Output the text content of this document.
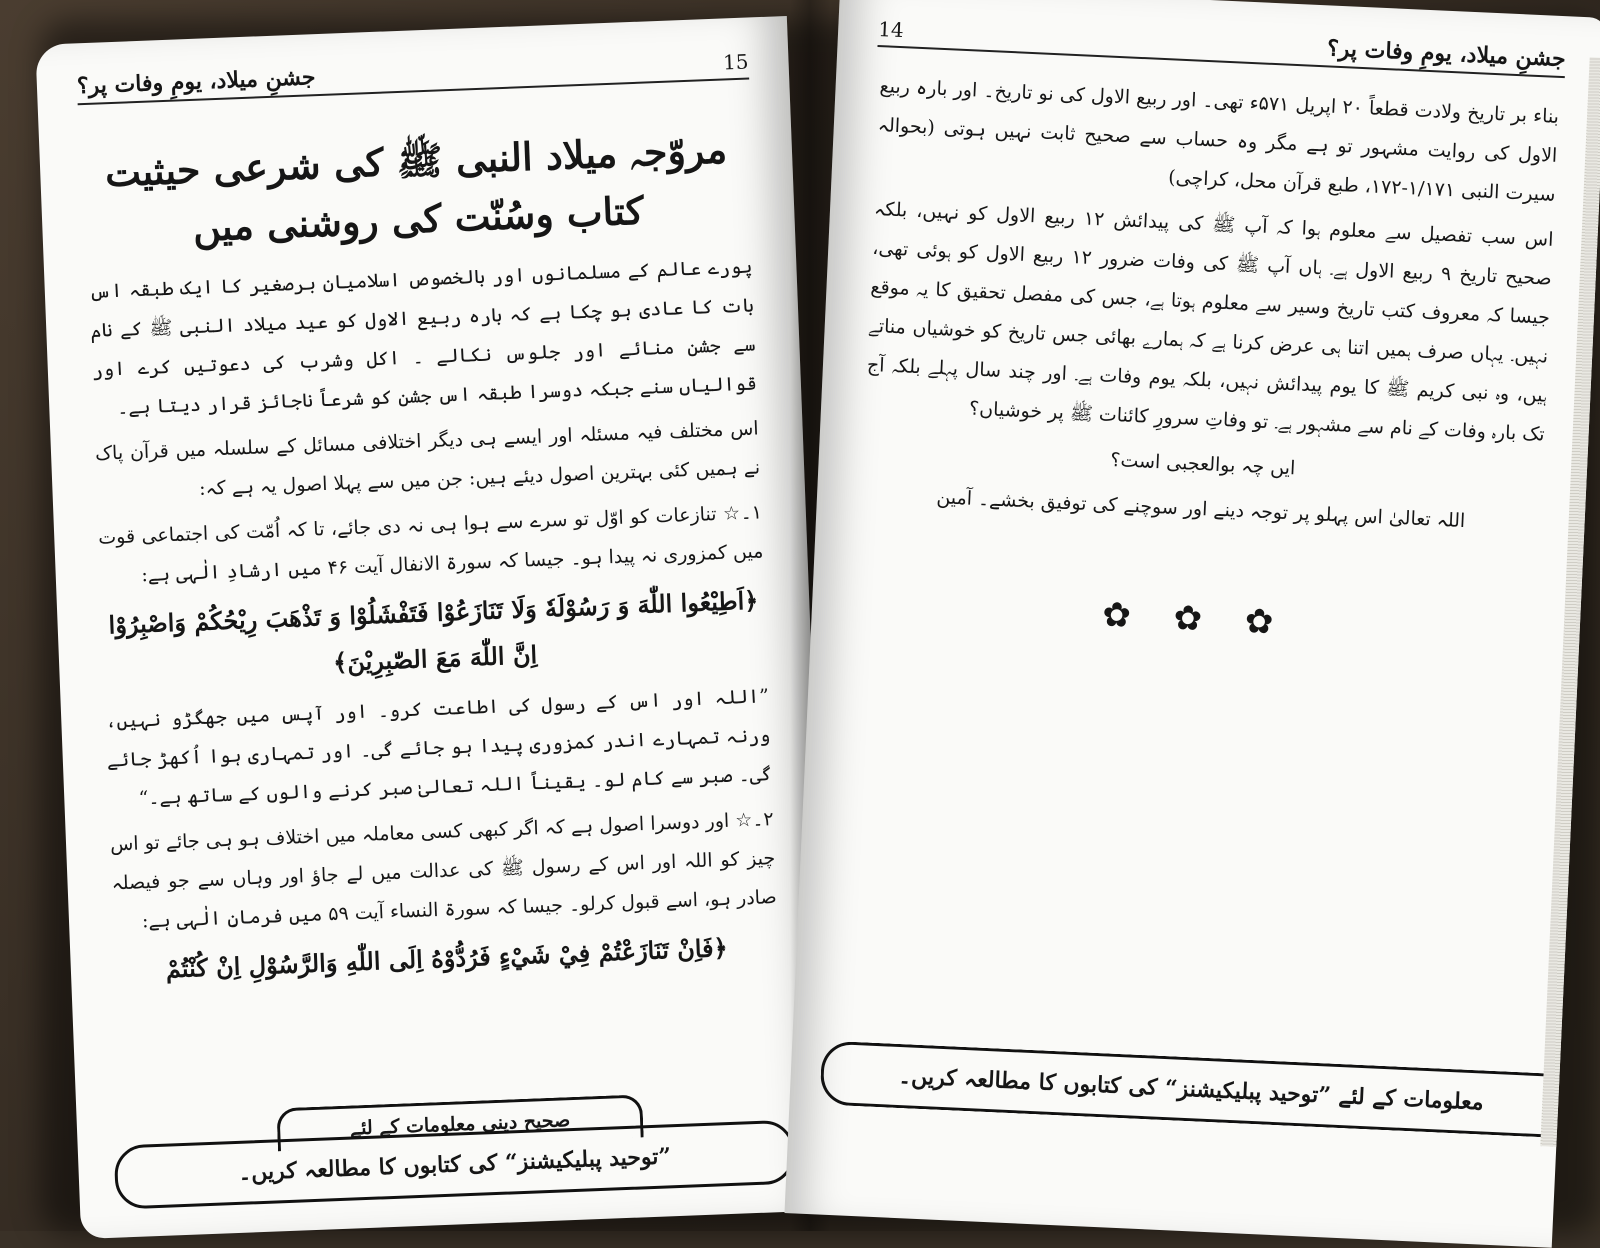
15
جشنِ میلاد، یومِ وفات پر؟
مروّجہ میلاد النبی ﷺ کی شرعی حیثیت
کتاب وسُنّت کی روشنی میں

پورے عالم کے مسلمانوں اور بالخصوص اسلامیان برصغیر کا ایک طبقہ اس بات کا عادی ہو چکا ہے کہ بارہ ربیع الاول کو عید میلاد النبی ﷺ کے نام سے جشن منائے اور جلوس نکالے ۔ اکل وشرب کی دعوتیں کرے اور قوالیاں سنے جبکہ دوسرا طبقہ اس جشن کو شرعاً ناجائز قرار دیتا ہے۔

اس مختلف فیہ مسئلہ اور ایسے ہی دیگر اختلافی مسائل کے سلسلہ میں قرآن پاک نے ہمیں کئی بہترین اصول دیئے ہیں: جن میں سے پہلا اصول یہ ہے کہ:

۱۔☆ تنازعات کو اوّل تو سرے سے ہوا ہی نہ دی جائے، تا کہ اُمّت کی اجتماعی قوت میں کمزوری نہ پیدا ہو۔ جیسا کہ سورۃ الانفال آیت ۴۶ میں ارشادِ الٰہی ہے:

﴿اَطِيْعُوا اللّٰهَ وَ رَسُوْلَهٗ وَلَا تَنَازَعُوْا فَتَفْشَلُوْا وَ تَذْهَبَ رِيْحُكُمْ وَاصْبِرُوْا اِنَّ اللّٰهَ مَعَ الصّٰبِرِيْنَ﴾

”اللہ اور اس کے رسول کی اطاعت کرو۔ اور آپس میں جھگڑو نہیں، ورنہ تمہارے اندر کمزوری پیدا ہو جائے گی۔ اور تمہاری ہوا اُکھڑ جائے گی۔ صبر سے کام لو۔ یقیناً اللہ تعالیٰ صبر کرنے والوں کے ساتھ ہے۔“

۲۔☆ اور دوسرا اصول ہے کہ اگر کبھی کسی معاملہ میں اختلاف ہو ہی جائے تو اس چیز کو اللہ اور اس کے رسول ﷺ کی عدالت میں لے جاؤ اور وہاں سے جو فیصلہ صادر ہو، اسے قبول کرلو۔ جیسا کہ سورۃ النساء آیت ۵۹ میں فرمانِ الٰہی ہے:

﴿فَاِنْ تَنَازَعْتُمْ فِيْ شَيْءٍ فَرُدُّوْهُ اِلَى اللّٰهِ وَالرَّسُوْلِ اِنْ كُنْتُمْ

صحیح دینی معلومات کے لئے
”توحید پبلیکیشنز“ کی کتابوں کا مطالعہ کریں۔
جشنِ میلاد، یومِ وفات پر؟
14

بناء بر تاریخ ولادت قطعاً ۲۰ اپریل ۵۷۱ء تھی۔ اور ربیع الاول کی نو تاریخ۔ اور بارہ ربیع الاول کی روایت مشہور تو ہے مگر وہ حساب سے صحیح ثابت نہیں ہوتی (بحوالہ سیرت النبی ۱/۱۷۱-۱۷۲، طبع قرآن محل، کراچی)

اس سب تفصیل سے معلوم ہوا کہ آپ ﷺ کی پیدائش ۱۲ ربیع الاول کو نہیں، بلکہ صحیح تاریخ ۹ ربیع الاول ہے۔ ہاں آپ ﷺ کی وفات ضرور ۱۲ ربیع الاول کو ہوئی تھی، جیسا کہ معروف کتب تاریخ وسیر سے معلوم ہوتا ہے، جس کی مفصل تحقیق کا یہ موقع نہیں۔ یہاں صرف ہمیں اتنا ہی عرض کرنا ہے کہ ہمارے بھائی جس تاریخ کو خوشیاں مناتے ہیں، وہ نبی کریم ﷺ کا یوم پیدائش نہیں، بلکہ یوم وفات ہے۔ اور چند سال پہلے بلکہ آج تک بارہ وفات کے نام سے مشہور ہے۔ تو وفاتِ سرورِ کائنات ﷺ پر خوشیاں؟

ایں چہ بوالعجبی است؟

اللہ تعالیٰ اس پہلو پر توجہ دینے اور سوچنے کی توفیق بخشے۔ آمین

✿ ✿ ✿
معلومات کے لئے ”توحید پبلیکیشنز“ کی کتابوں کا مطالعہ کریں۔
